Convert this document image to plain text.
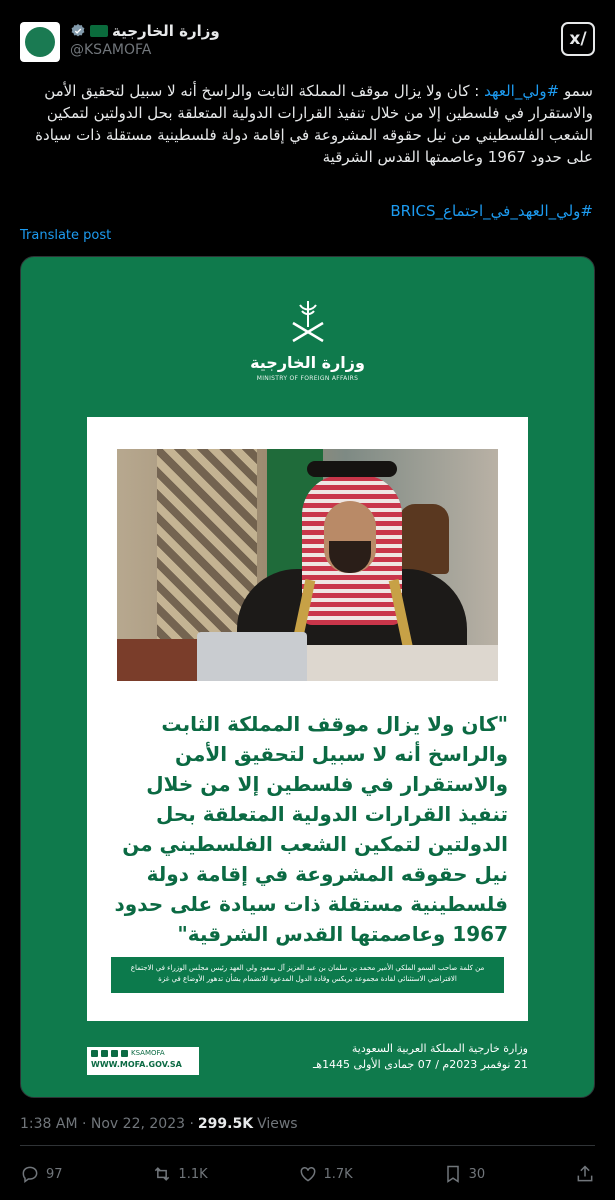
وزارة الخارجية
@KSAMOFA
x/
سمو #ولي_العهد : كان ولا يزال موقف المملكة الثابت والراسخ أنه لا سبيل لتحقيق الأمن والاستقرار في فلسطين إلا من خلال تنفيذ القرارات الدولية المتعلقة بحل الدولتين لتمكين الشعب الفلسطيني من نيل حقوقه المشروعة في إقامة دولة فلسطينية مستقلة ذات سيادة على حدود 1967 وعاصمتها القدس الشرقية
#ولي_العهد_في_اجتماع_BRICS
Translate post
وزارة الخارجية
MINISTRY OF FOREIGN AFFAIRS
"كان ولا يزال موقف المملكة الثابت والراسخ أنه لا سبيل لتحقيق الأمن والاستقرار في فلسطين إلا من خلال تنفيذ القرارات الدولية المتعلقة بحل الدولتين لتمكين الشعب الفلسطيني من نيل حقوقه المشروعة في إقامة دولة فلسطينية مستقلة ذات سيادة على حدود 1967 وعاصمتها القدس الشرقية"
من كلمة صاحب السمو الملكي الأمير محمد بن سلمان بن عبد العزيز آل سعود ولي العهد رئيس مجلس الوزراء في الاجتماع الافتراضي الاستثنائي لقادة مجموعة بريكس وقادة الدول المدعوة للانضمام بشأن تدهور الأوضاع في غزة
KSAMOFA
WWW.MOFA.GOV.SA
وزارة خارجية المملكة العربية السعودية
21 نوفمبر 2023م / 07 جمادى الأولى 1445هـ
1:38 AM · Nov 22, 2023 · 299.5K Views
97	1.1K	1.7K	30
